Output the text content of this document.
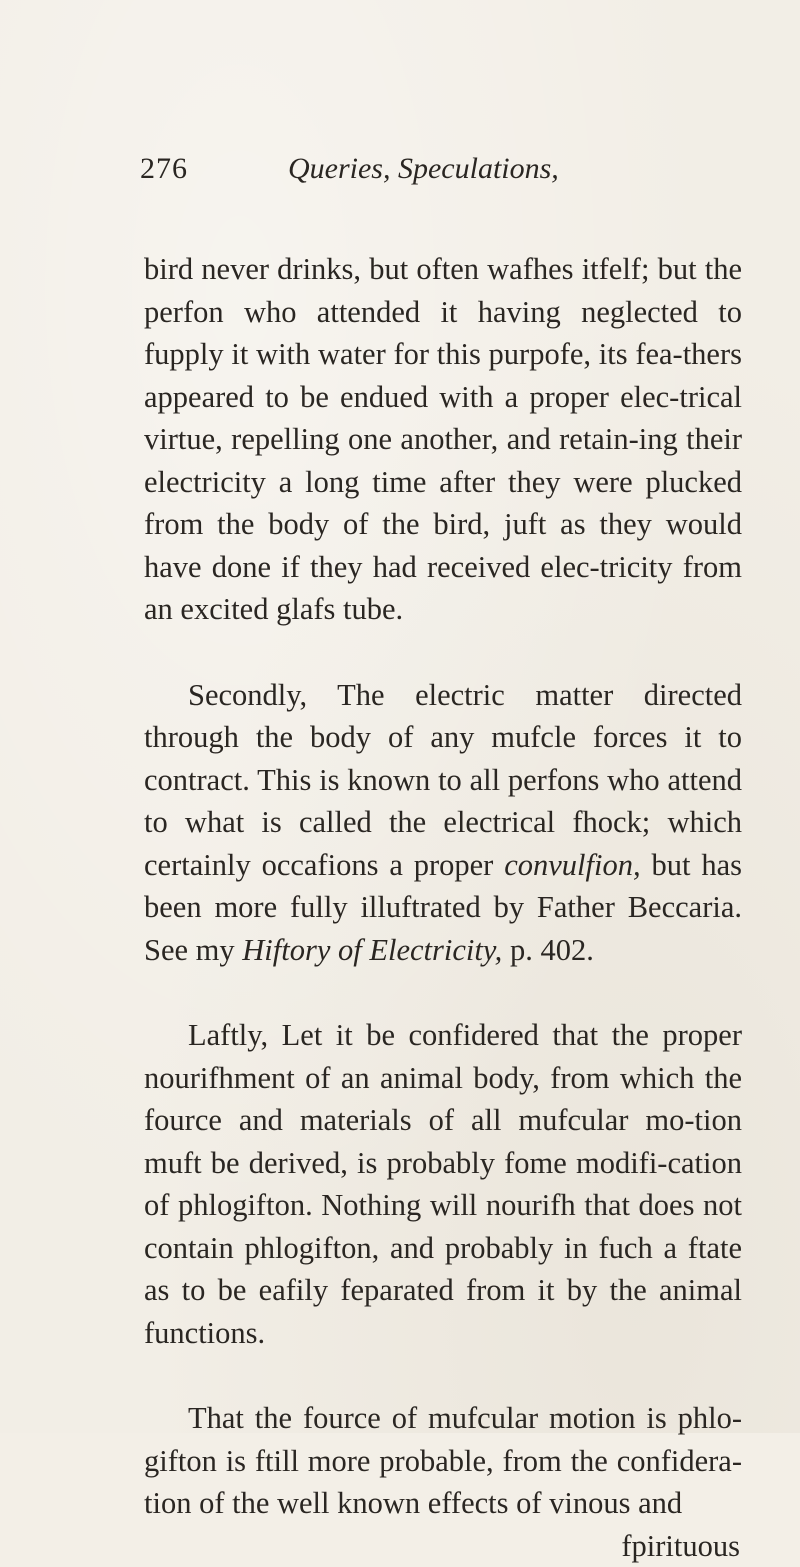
276	Queries, Speculations,

bird never drinks, but often wafhes itfelf; but the perfon who attended it having neglected to fupply it with water for this purpofe, its fea-thers appeared to be endued with a proper elec-trical virtue, repelling one another, and retain-ing their electricity a long time after they were plucked from the body of the bird, juft as they would have done if they had received elec-tricity from an excited glafs tube.

Secondly, The electric matter directed through the body of any mufcle forces it to contract. This is known to all perfons who attend to what is called the electrical fhock; which certainly occafions a proper convulfion, but has been more fully illuftrated by Father Beccaria. See my Hiftory of Electricity, p. 402.

Laftly, Let it be confidered that the proper nourifhment of an animal body, from which the fource and materials of all mufcular mo-tion muft be derived, is probably fome modifi-cation of phlogifton. Nothing will nourifh that does not contain phlogifton, and probably in fuch a ftate as to be eafily feparated from it by the animal functions.

That the fource of mufcular motion is phlo-gifton is ftill more probable, from the confidera-tion of the well known effects of vinous and

fpirituous
